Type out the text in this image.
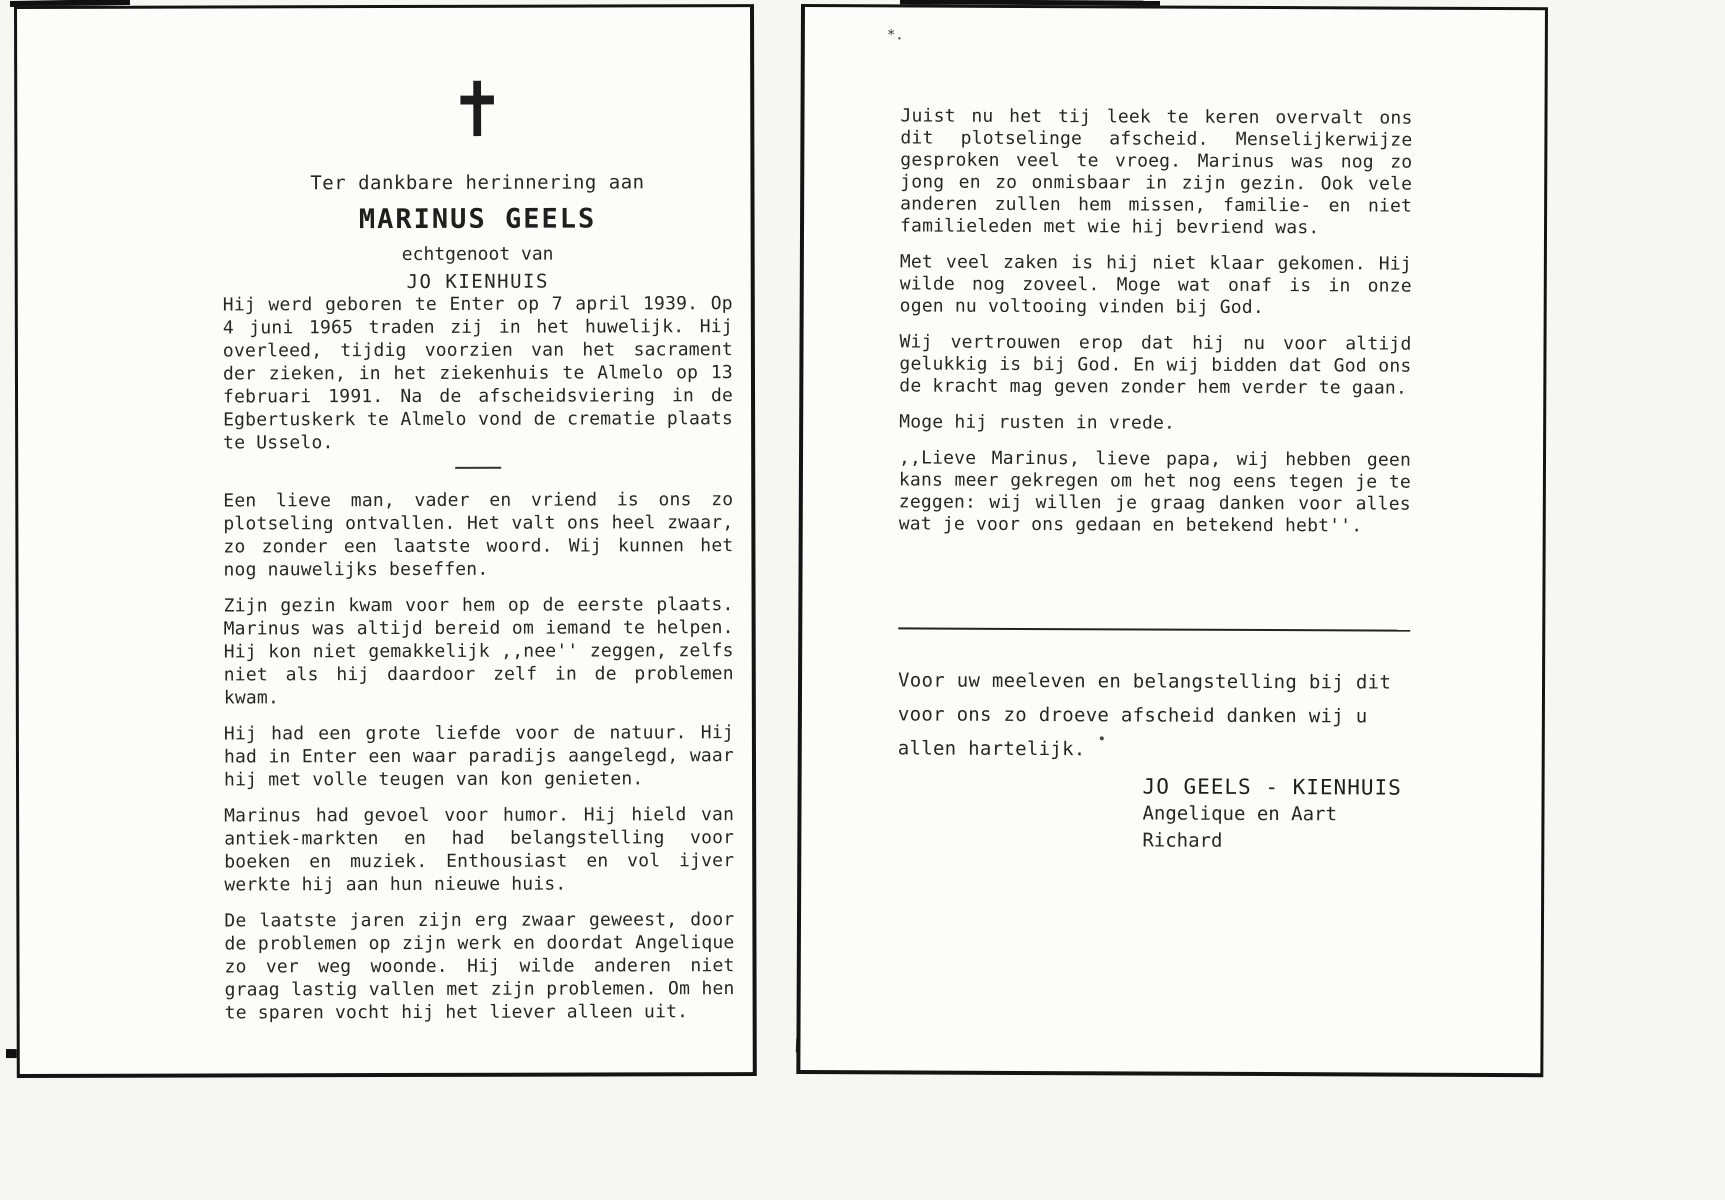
✝
Ter dankbare herinnering aan
MARINUS GEELS
echtgenoot van
JO KIENHUIS

Hij werd geboren te Enter op 7 april 1939. Op 4 juni 1965 traden zij in het huwelijk. Hij overleed, tijdig voorzien van het sacrament der zieken, in het ziekenhuis te Almelo op 13 februari 1991. Na de afscheidsviering in de Egbertuskerk te Almelo vond de crematie plaats te Usselo.

Een lieve man, vader en vriend is ons zo plotseling ontvallen. Het valt ons heel zwaar, zo zonder een laatste woord. Wij kunnen het nog nauwelijks beseffen.

Zijn gezin kwam voor hem op de eerste plaats. Marinus was altijd bereid om iemand te helpen. Hij kon niet gemakkelijk ,,nee'' zeggen, zelfs niet als hij daardoor zelf in de problemen kwam.

Hij had een grote liefde voor de natuur. Hij had in Enter een waar paradijs aangelegd, waar hij met volle teugen van kon genieten.

Marinus had gevoel voor humor. Hij hield van antiek-markten en had belangstelling voor boeken en muziek. Enthousiast en vol ijver werkte hij aan hun nieuwe huis.

De laatste jaren zijn erg zwaar geweest, door de problemen op zijn werk en doordat Angelique zo ver weg woonde. Hij wilde anderen niet graag lastig vallen met zijn problemen. Om hen te sparen vocht hij het liever alleen uit.

*.

Juist nu het tij leek te keren overvalt ons dit plotselinge afscheid. Menselijkerwijze gesproken veel te vroeg. Marinus was nog zo jong en zo onmisbaar in zijn gezin. Ook vele anderen zullen hem missen, familie- en niet familieleden met wie hij bevriend was.

Met veel zaken is hij niet klaar gekomen. Hij wilde nog zoveel. Moge wat onaf is in onze ogen nu voltooing vinden bij God.

Wij vertrouwen erop dat hij nu voor altijd gelukkig is bij God. En wij bidden dat God ons de kracht mag geven zonder hem verder te gaan.

Moge hij rusten in vrede.

,,Lieve Marinus, lieve papa, wij hebben geen kans meer gekregen om het nog eens tegen je te zeggen: wij willen je graag danken voor alles wat je voor ons gedaan en betekend hebt''.

Voor uw meeleven en belangstelling bij dit voor ons zo droeve afscheid danken wij u allen hartelijk.
JO GEELS - KIENHUIS
Angelique en Aart
Richard
